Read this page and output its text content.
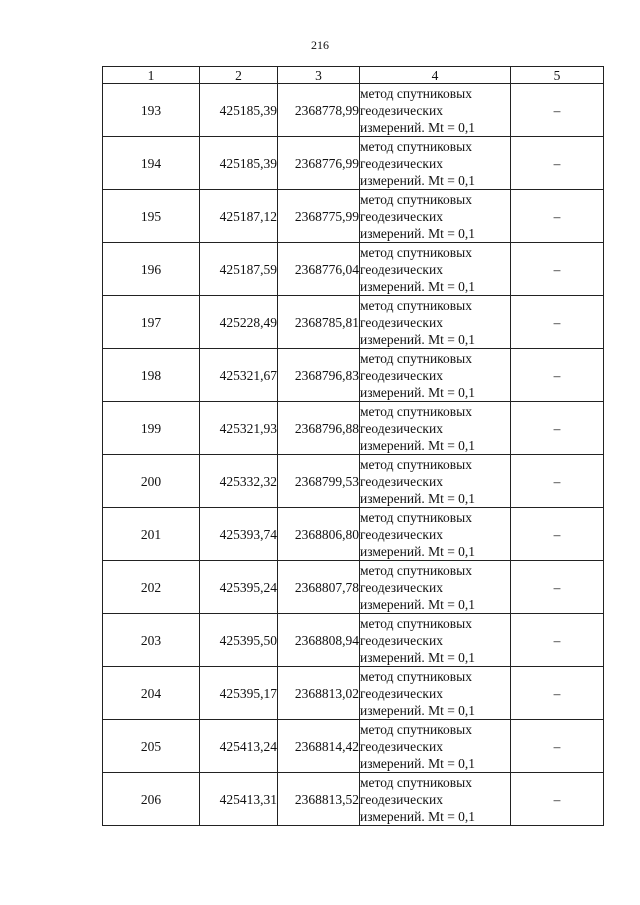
216
1	2	3	4	5
193	425185,39	2368778,99	метод спутниковых
геодезических
измерений. Mt = 0,1	–
194	425185,39	2368776,99	метод спутниковых
геодезических
измерений. Mt = 0,1	–
195	425187,12	2368775,99	метод спутниковых
геодезических
измерений. Mt = 0,1	–
196	425187,59	2368776,04	метод спутниковых
геодезических
измерений. Mt = 0,1	–
197	425228,49	2368785,81	метод спутниковых
геодезических
измерений. Mt = 0,1	–
198	425321,67	2368796,83	метод спутниковых
геодезических
измерений. Mt = 0,1	–
199	425321,93	2368796,88	метод спутниковых
геодезических
измерений. Mt = 0,1	–
200	425332,32	2368799,53	метод спутниковых
геодезических
измерений. Mt = 0,1	–
201	425393,74	2368806,80	метод спутниковых
геодезических
измерений. Mt = 0,1	–
202	425395,24	2368807,78	метод спутниковых
геодезических
измерений. Mt = 0,1	–
203	425395,50	2368808,94	метод спутниковых
геодезических
измерений. Mt = 0,1	–
204	425395,17	2368813,02	метод спутниковых
геодезических
измерений. Mt = 0,1	–
205	425413,24	2368814,42	метод спутниковых
геодезических
измерений. Mt = 0,1	–
206	425413,31	2368813,52	метод спутниковых
геодезических
измерений. Mt = 0,1	–
